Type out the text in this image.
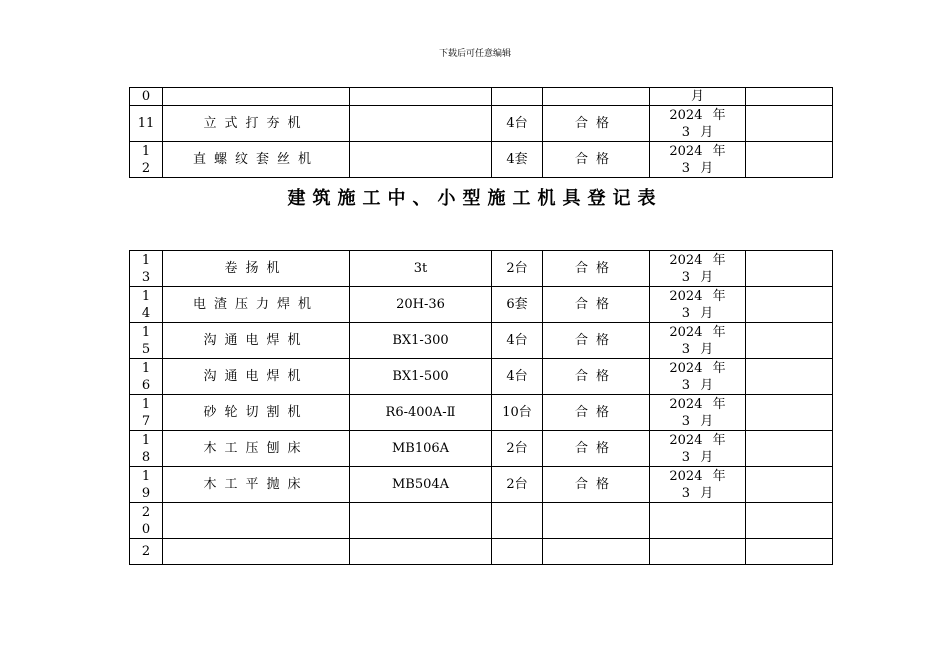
下载后可任意编辑
0					月	
11	立式打夯机		4台	合格	2024 年 3 月	

12	直螺纹套丝机		4套	合格	2024 年 3 月	

建筑施工中、小型施工机具登记表
13	卷扬机	3t	2台	合格	2024 年 3 月	

14	电渣压力焊机	20H-36	6套	合格	2024 年 3 月	

15	沟通电焊机	BX1-300	4台	合格	2024 年 3 月	

16	沟通电焊机	BX1-500	4台	合格	2024 年 3 月	

17	砂轮切割机	R6-400A-Ⅱ	10台	合格	2024 年 3 月	

18	木工压刨床	MB106A	2台	合格	2024 年 3 月	

19	木工平抛床	MB504A	2台	合格	2024 年 3 月	

20						

2						
